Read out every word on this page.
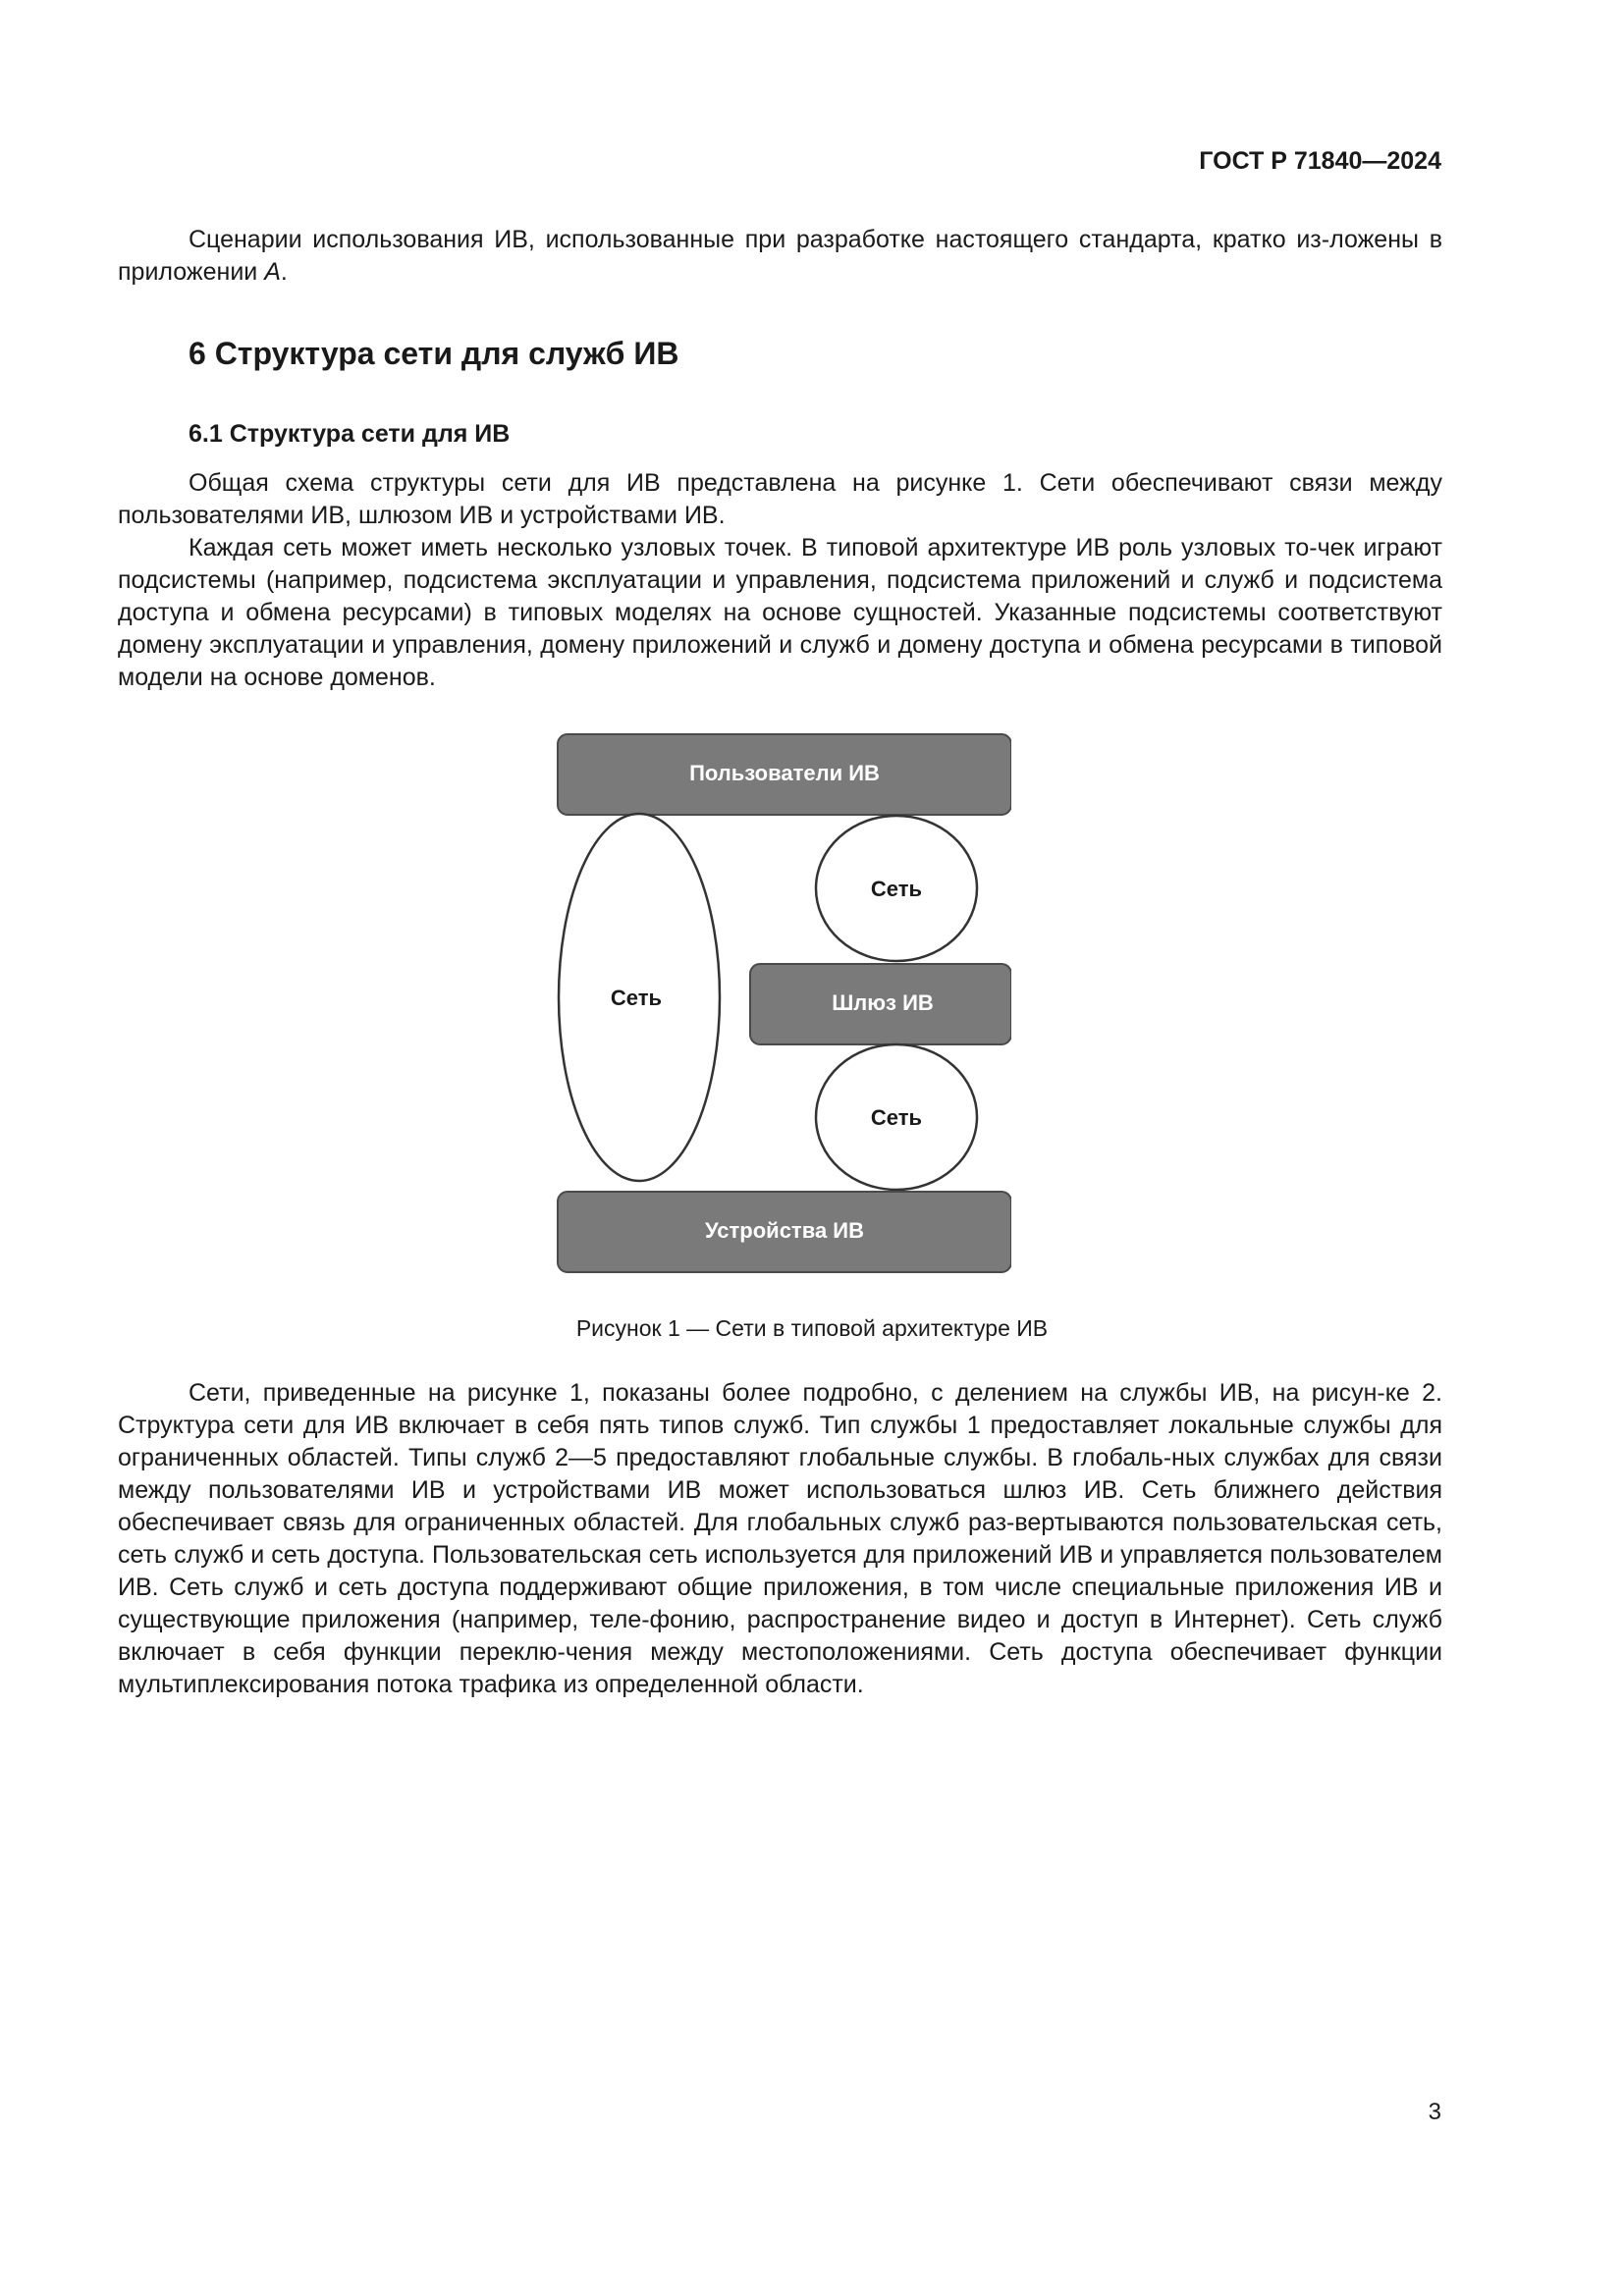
ГОСТ Р 71840—2024

Сценарии использования ИВ, использованные при разработке настоящего стандарта, кратко из-ложены в приложении А.

6 Структура сети для служб ИВ
6.1 Структура сети для ИВ

Общая схема структуры сети для ИВ представлена на рисунке 1. Сети обеспечивают связи между пользователями ИВ, шлюзом ИВ и устройствами ИВ.

Каждая сеть может иметь несколько узловых точек. В типовой архитектуре ИВ роль узловых то-чек играют подсистемы (например, подсистема эксплуатации и управления, подсистема приложений и служб и подсистема доступа и обмена ресурсами) в типовых моделях на основе сущностей. Указанные подсистемы соответствуют домену эксплуатации и управления, домену приложений и служб и домену доступа и обмена ресурсами в типовой модели на основе доменов.

Пользователи ИВ
Сеть
Сеть
Шлюз ИВ
Сеть
Устройства ИВ
Рисунок 1 — Сети в типовой архитектуре ИВ

Сети, приведенные на рисунке 1, показаны более подробно, с делением на службы ИВ, на рисун-ке 2. Структура сети для ИВ включает в себя пять типов служб. Тип службы 1 предоставляет локальные службы для ограниченных областей. Типы служб 2—5 предоставляют глобальные службы. В глобаль-ных службах для связи между пользователями ИВ и устройствами ИВ может использоваться шлюз ИВ. Сеть ближнего действия обеспечивает связь для ограниченных областей. Для глобальных служб раз-вертываются пользовательская сеть, сеть служб и сеть доступа. Пользовательская сеть используется для приложений ИВ и управляется пользователем ИВ. Сеть служб и сеть доступа поддерживают общие приложения, в том числе специальные приложения ИВ и существующие приложения (например, теле-фонию, распространение видео и доступ в Интернет). Сеть служб включает в себя функции переклю-чения между местоположениями. Сеть доступа обеспечивает функции мультиплексирования потока трафика из определенной области.

3
